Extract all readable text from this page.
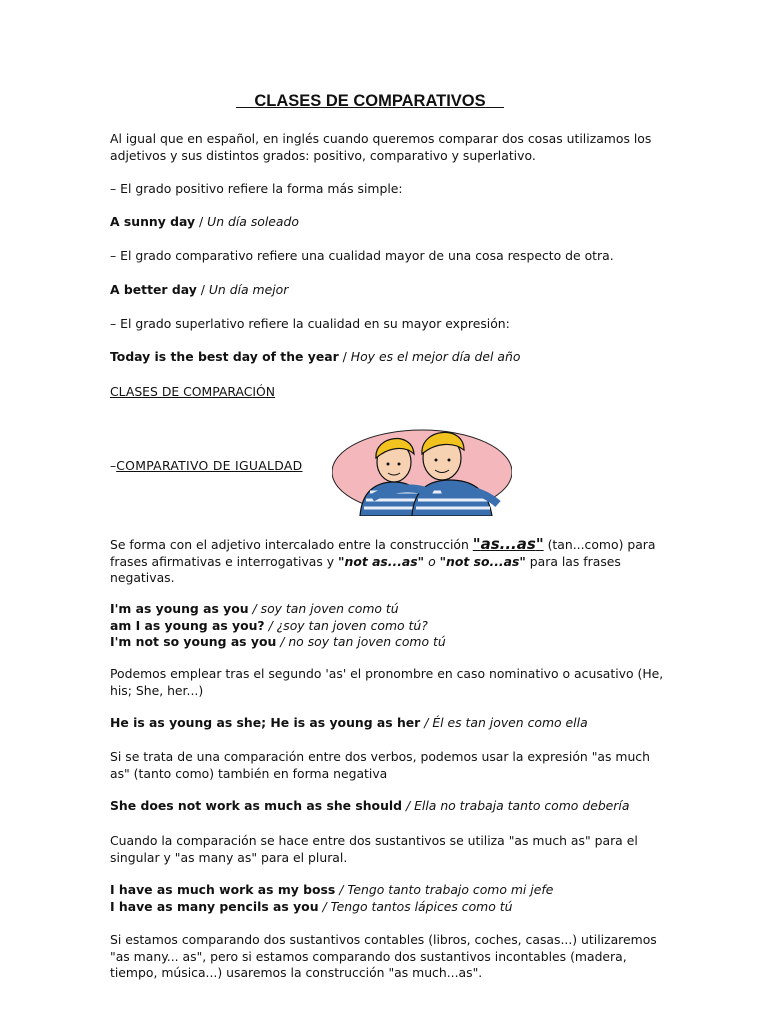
CLASES DE COMPARATIVOS
Al igual que en español, en inglés cuando queremos comparar dos cosas utilizamos los adjetivos y sus distintos grados: positivo, comparativo y superlativo.
– El grado positivo refiere la forma más simple:
A sunny day / Un día soleado
– El grado comparativo refiere una cualidad mayor de una cosa respecto de otra.
A better day / Un día mejor
– El grado superlativo refiere la cualidad en su mayor expresión:
Today is the best day of the year / Hoy es el mejor día del año
CLASES DE COMPARACIÓN
–COMPARATIVO DE IGUALDAD
Se forma con el adjetivo intercalado entre la construcción "as...as" (tan...como) para frases afirmativas e interrogativas y "not as...as" o "not so...as" para las frases negativas.
I'm as young as you / soy tan joven como tú
am I as young as you? / ¿soy tan joven como tú?
I'm not so young as you / no soy tan joven como tú
Podemos emplear tras el segundo 'as' el pronombre en caso nominativo o acusativo (He, his; She, her...)
He is as young as she; He is as young as her / Él es tan joven como ella
Si se trata de una comparación entre dos verbos, podemos usar la expresión "as much as" (tanto como) también en forma negativa
She does not work as much as she should / Ella no trabaja tanto como debería
Cuando la comparación se hace entre dos sustantivos se utiliza "as much as" para el singular y "as many as" para el plural.
I have as much work as my boss / Tengo tanto trabajo como mi jefe
I have as many pencils as you / Tengo tantos lápices como tú
Si estamos comparando dos sustantivos contables (libros, coches, casas...) utilizaremos "as many... as", pero si estamos comparando dos sustantivos incontables (madera, tiempo, música...) usaremos la construcción "as much...as".
